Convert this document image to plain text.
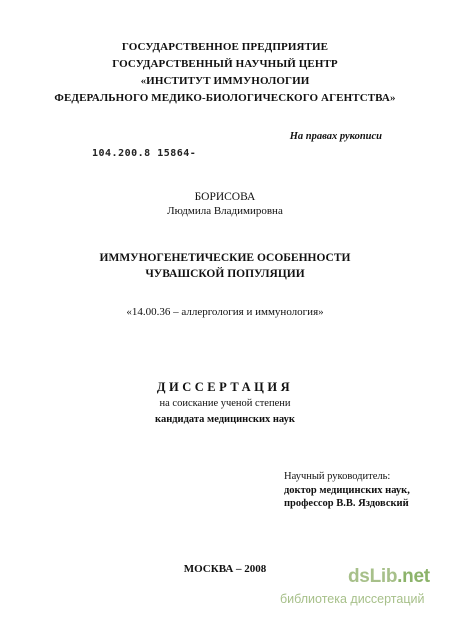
ГОСУДАРСТВЕННОЕ ПРЕДПРИЯТИЕ
ГОСУДАРСТВЕННЫЙ НАУЧНЫЙ ЦЕНТР
«ИНСТИТУТ ИММУНОЛОГИИ
ФЕДЕРАЛЬНОГО МЕДИКО-БИОЛОГИЧЕСКОГО АГЕНТСТВА»
На правах рукописи
104.200.8 15864-
БОРИСОВА
Людмила Владимировна
ИММУНОГЕНЕТИЧЕСКИЕ ОСОБЕННОСТИ
ЧУВАШСКОЙ ПОПУЛЯЦИИ
«14.00.36 – аллергология и иммунология»
ДИССЕРТАЦИЯ
на соискание ученой степени
кандидата медицинских наук
Научный руководитель:
доктор медицинских наук,
профессор В.В. Яздовский
МОСКВА – 2008	dsLib.net
библиотека диссертаций
